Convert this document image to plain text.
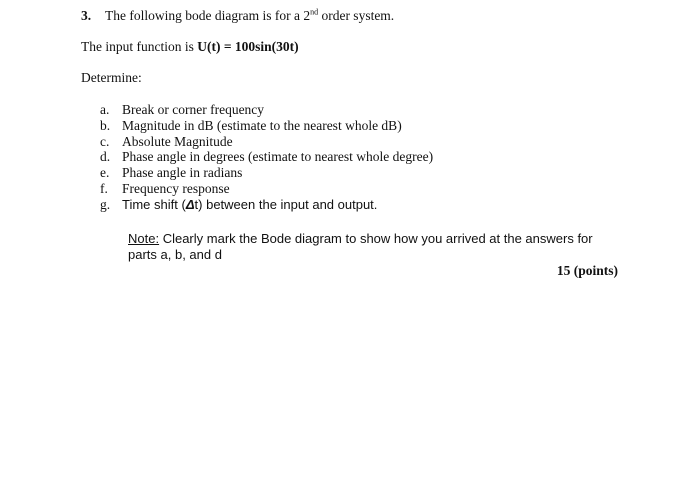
3. The following bode diagram is for a 2nd order system.
The input function is U(t) = 100sin(30t)
Determine:
a. Break or corner frequency
b. Magnitude in dB (estimate to the nearest whole dB)
c. Absolute Magnitude
d. Phase angle in degrees (estimate to nearest whole degree)
e. Phase angle in radians
f. Frequency response
g. Time shift (Δt) between the input and output.
Note: Clearly mark the Bode diagram to show how you arrived at the answers for parts a, b, and d
15 (points)
